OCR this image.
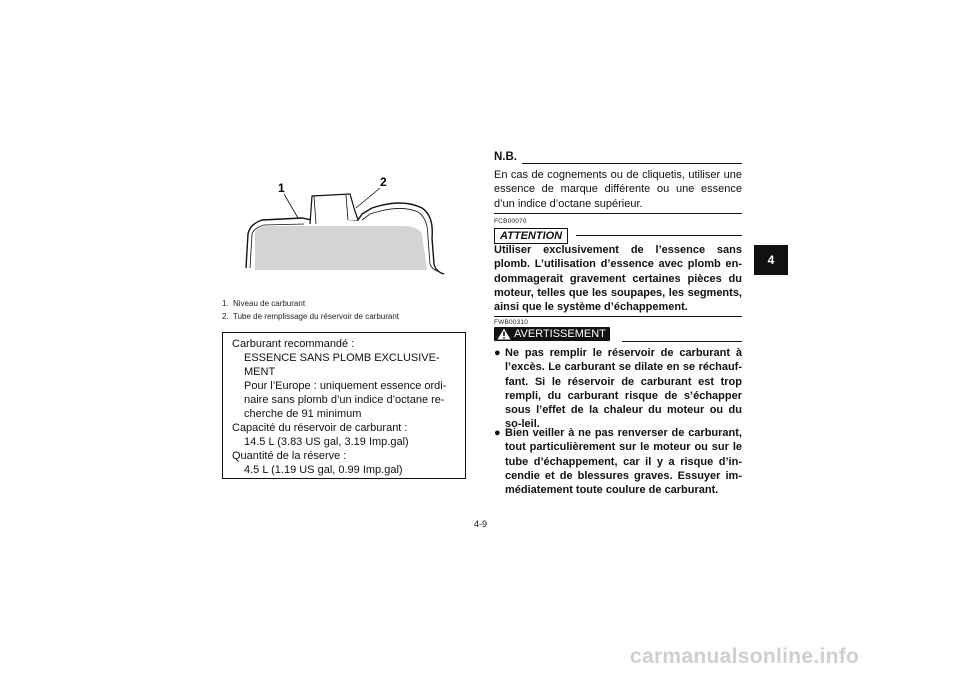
1	2
1. Niveau de carburant
2. Tube de remplissage du réservoir de carburant
Carburant recommandé :
ESSENCE SANS PLOMB EXCLUSIVE-
MENT
Pour l’Europe : uniquement essence ordi-
naire sans plomb d’un indice d’octane re-
cherche de 91 minimum
Capacité du réservoir de carburant :
14.5 L (3.83 US gal, 3.19 Imp.gal)
Quantité de la réserve :
4.5 L (1.19 US gal, 0.99 Imp.gal)
N.B.
En cas de cognements ou de cliquetis, utiliser une essence de marque différente ou une essence d’un indice d’octane supérieur.
FCB00070
ATTENTION
Utiliser exclusivement de l’essence sans plomb. L’utilisation d’essence avec plomb en-dommagerait gravement certaines pièces du moteur, telles que les soupapes, les segments, ainsi que le système d’échappement.
FWB00310
AVERTISSEMENT
● Ne pas remplir le réservoir de carburant à l’excès. Le carburant se dilate en se réchauf-fant. Si le réservoir de carburant est trop rempli, du carburant risque de s’échapper sous l’effet de la chaleur du moteur ou du so-leil.
● Bien veiller à ne pas renverser de carburant, tout particulièrement sur le moteur ou sur le tube d’échappement, car il y a risque d’in-cendie et de blessures graves. Essuyer im-médiatement toute coulure de carburant.
4
4-9
carmanualsonline.info
